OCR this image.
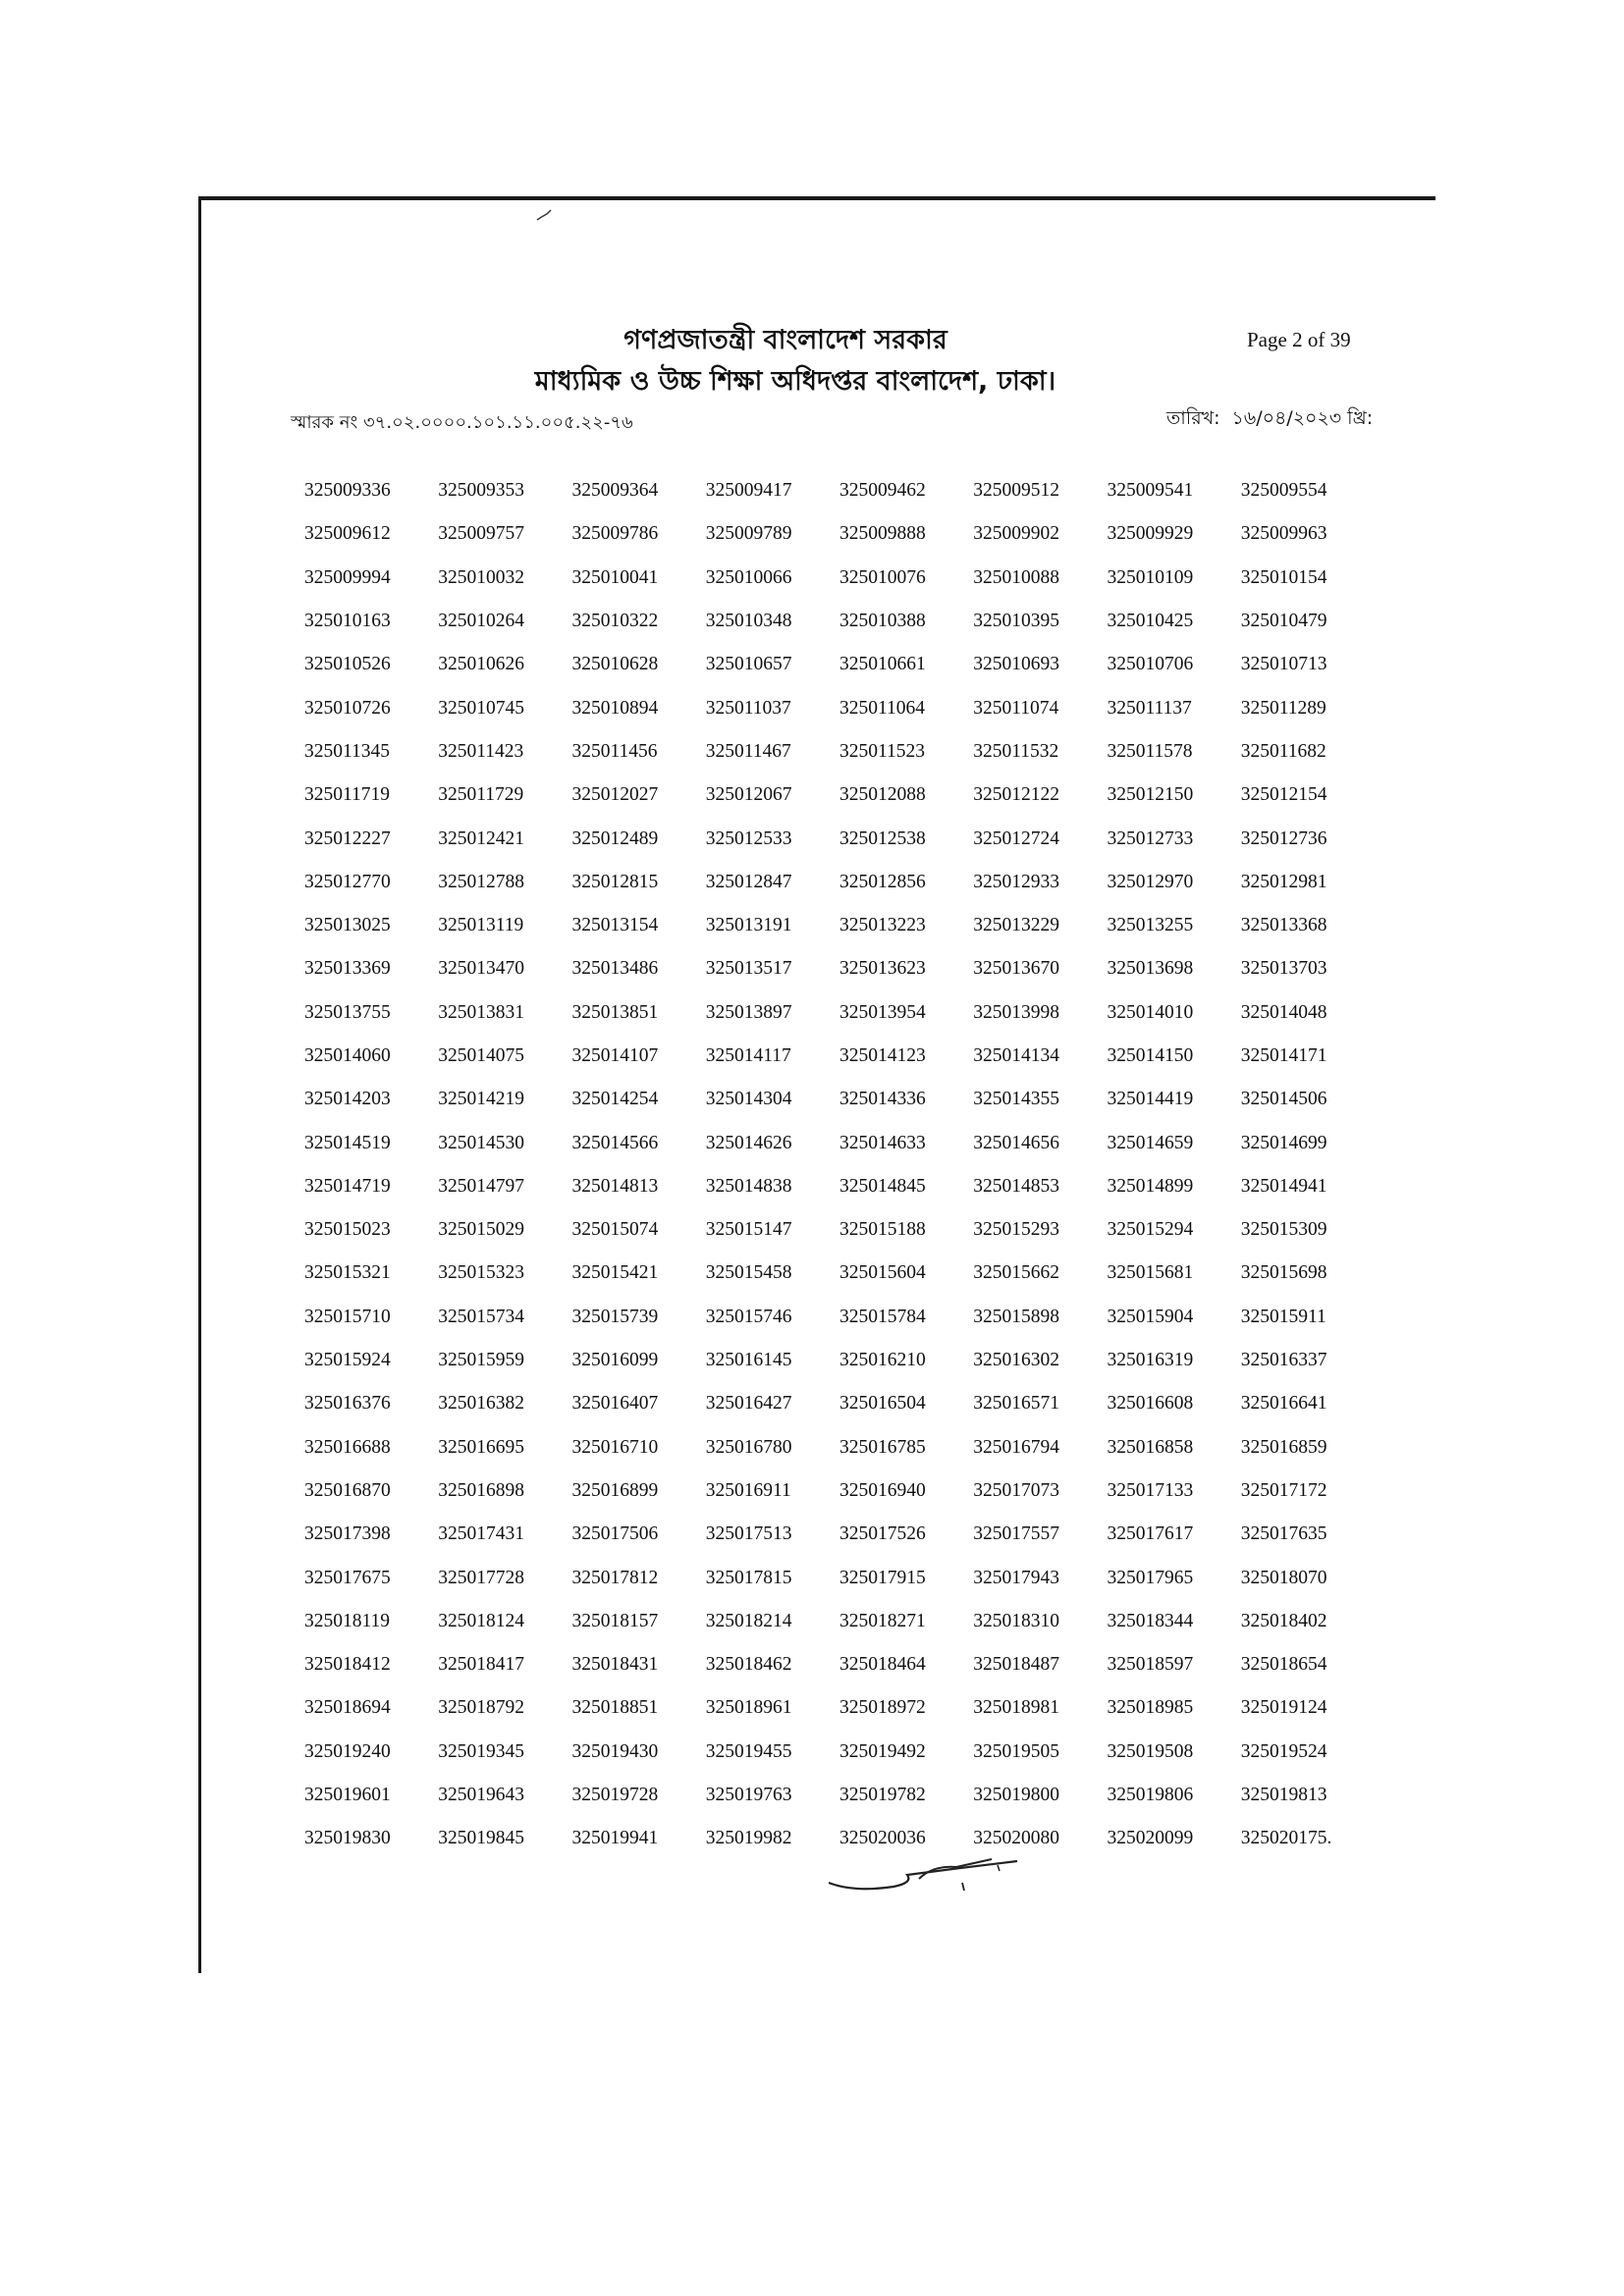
গণপ্রজাতন্ত্রী বাংলাদেশ সরকার
মাধ্যমিক ও উচ্চ শিক্ষা অধিদপ্তর বাংলাদেশ, ঢাকা।
Page 2 of 39
স্মারক নং ৩৭.০২.০০০০.১০১.১১.০০৫.২২-৭৬	তারিখ: ১৬/০৪/২০২৩ খ্রি:
325009336	325009353	325009364	325009417	325009462	325009512	325009541	325009554
325009612	325009757	325009786	325009789	325009888	325009902	325009929	325009963
325009994	325010032	325010041	325010066	325010076	325010088	325010109	325010154
325010163	325010264	325010322	325010348	325010388	325010395	325010425	325010479
325010526	325010626	325010628	325010657	325010661	325010693	325010706	325010713
325010726	325010745	325010894	325011037	325011064	325011074	325011137	325011289
325011345	325011423	325011456	325011467	325011523	325011532	325011578	325011682
325011719	325011729	325012027	325012067	325012088	325012122	325012150	325012154
325012227	325012421	325012489	325012533	325012538	325012724	325012733	325012736
325012770	325012788	325012815	325012847	325012856	325012933	325012970	325012981
325013025	325013119	325013154	325013191	325013223	325013229	325013255	325013368
325013369	325013470	325013486	325013517	325013623	325013670	325013698	325013703
325013755	325013831	325013851	325013897	325013954	325013998	325014010	325014048
325014060	325014075	325014107	325014117	325014123	325014134	325014150	325014171
325014203	325014219	325014254	325014304	325014336	325014355	325014419	325014506
325014519	325014530	325014566	325014626	325014633	325014656	325014659	325014699
325014719	325014797	325014813	325014838	325014845	325014853	325014899	325014941
325015023	325015029	325015074	325015147	325015188	325015293	325015294	325015309
325015321	325015323	325015421	325015458	325015604	325015662	325015681	325015698
325015710	325015734	325015739	325015746	325015784	325015898	325015904	325015911
325015924	325015959	325016099	325016145	325016210	325016302	325016319	325016337
325016376	325016382	325016407	325016427	325016504	325016571	325016608	325016641
325016688	325016695	325016710	325016780	325016785	325016794	325016858	325016859
325016870	325016898	325016899	325016911	325016940	325017073	325017133	325017172
325017398	325017431	325017506	325017513	325017526	325017557	325017617	325017635
325017675	325017728	325017812	325017815	325017915	325017943	325017965	325018070
325018119	325018124	325018157	325018214	325018271	325018310	325018344	325018402
325018412	325018417	325018431	325018462	325018464	325018487	325018597	325018654
325018694	325018792	325018851	325018961	325018972	325018981	325018985	325019124
325019240	325019345	325019430	325019455	325019492	325019505	325019508	325019524
325019601	325019643	325019728	325019763	325019782	325019800	325019806	325019813
325019830	325019845	325019941	325019982	325020036	325020080	325020099	325020175.
